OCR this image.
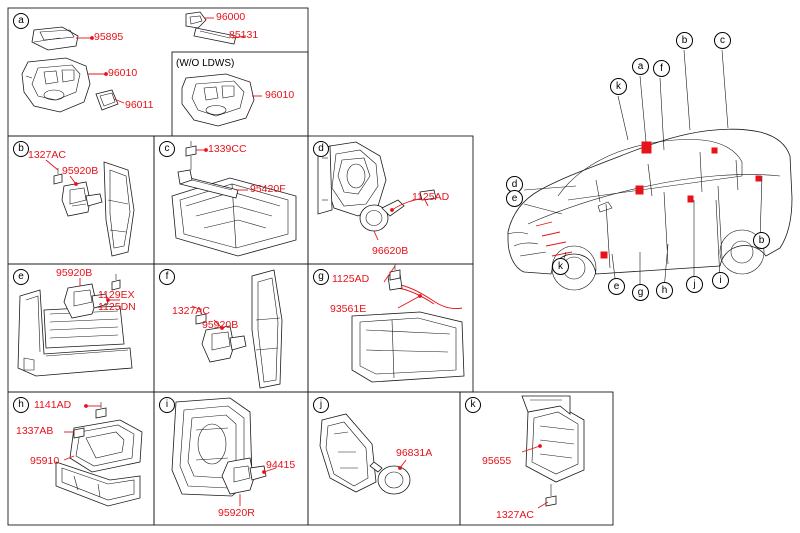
a
b	c	d
e	f	g
h	i	j	k
95895
96010
96011
96000
85131
(W/O LDWS)
96010
1327AC
95920B
1339CC
95420F
1125AD
96620B
95920B
1129EX
1125DN	1327AC
95920B
1125AD
93561E
1141AD
1337AB
95910	94415
95920R
96831A
95655
1327AC
a
b	c
f
k
d
e
b
k
e
g	h
j	i
